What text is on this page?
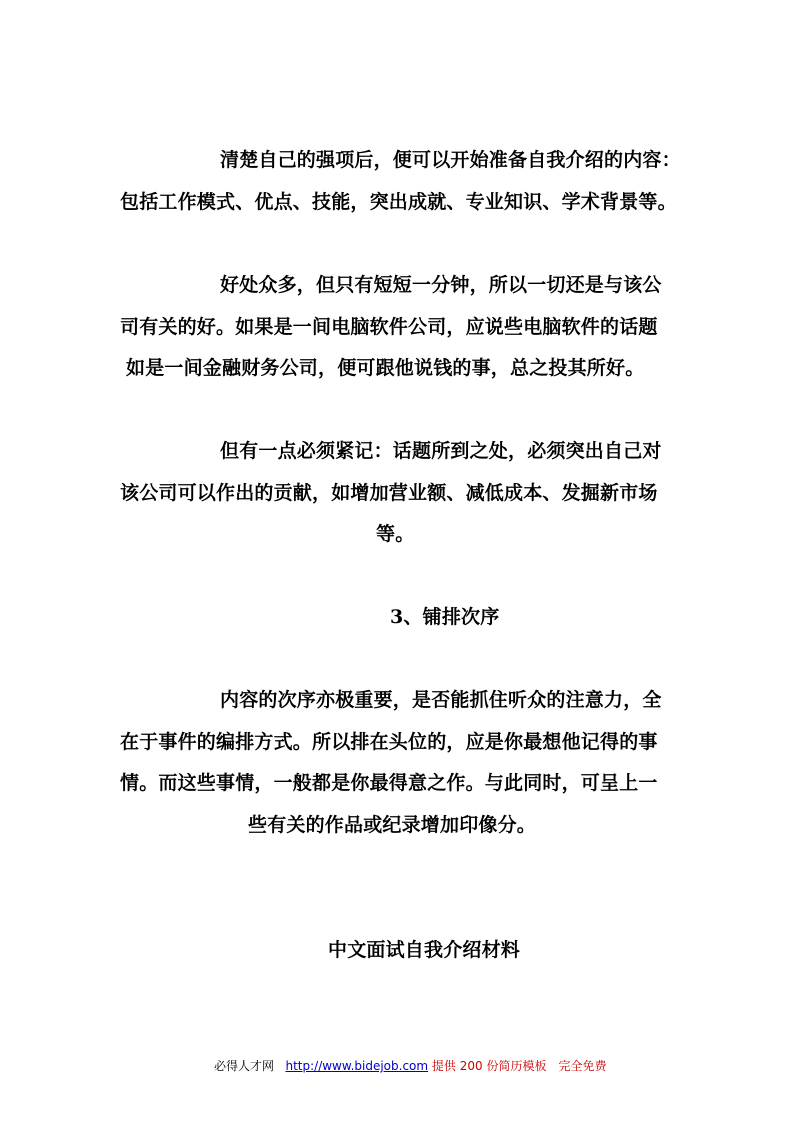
清楚自己的强项后，便可以开始准备自我介绍的内容：
包括工作模式、优点、技能，突出成就、专业知识、学术背景等。
好处众多，但只有短短一分钟，所以一切还是与该公
司有关的好。如果是一间电脑软件公司，应说些电脑软件的话题
如是一间金融财务公司，便可跟他说钱的事，总之投其所好。
但有一点必须紧记：话题所到之处，必须突出自己对
该公司可以作出的贡献，如增加营业额、减低成本、发掘新市场
等。
3、铺排次序
内容的次序亦极重要，是否能抓住听众的注意力，全
在于事件的编排方式。所以排在头位的，应是你最想他记得的事
情。而这些事情，一般都是你最得意之作。与此同时，可呈上一
些有关的作品或纪录增加印像分。
中文面试自我介绍材料
必得人才网 http://www.bidejob.com 提供 200 份简历模板　完全免费
